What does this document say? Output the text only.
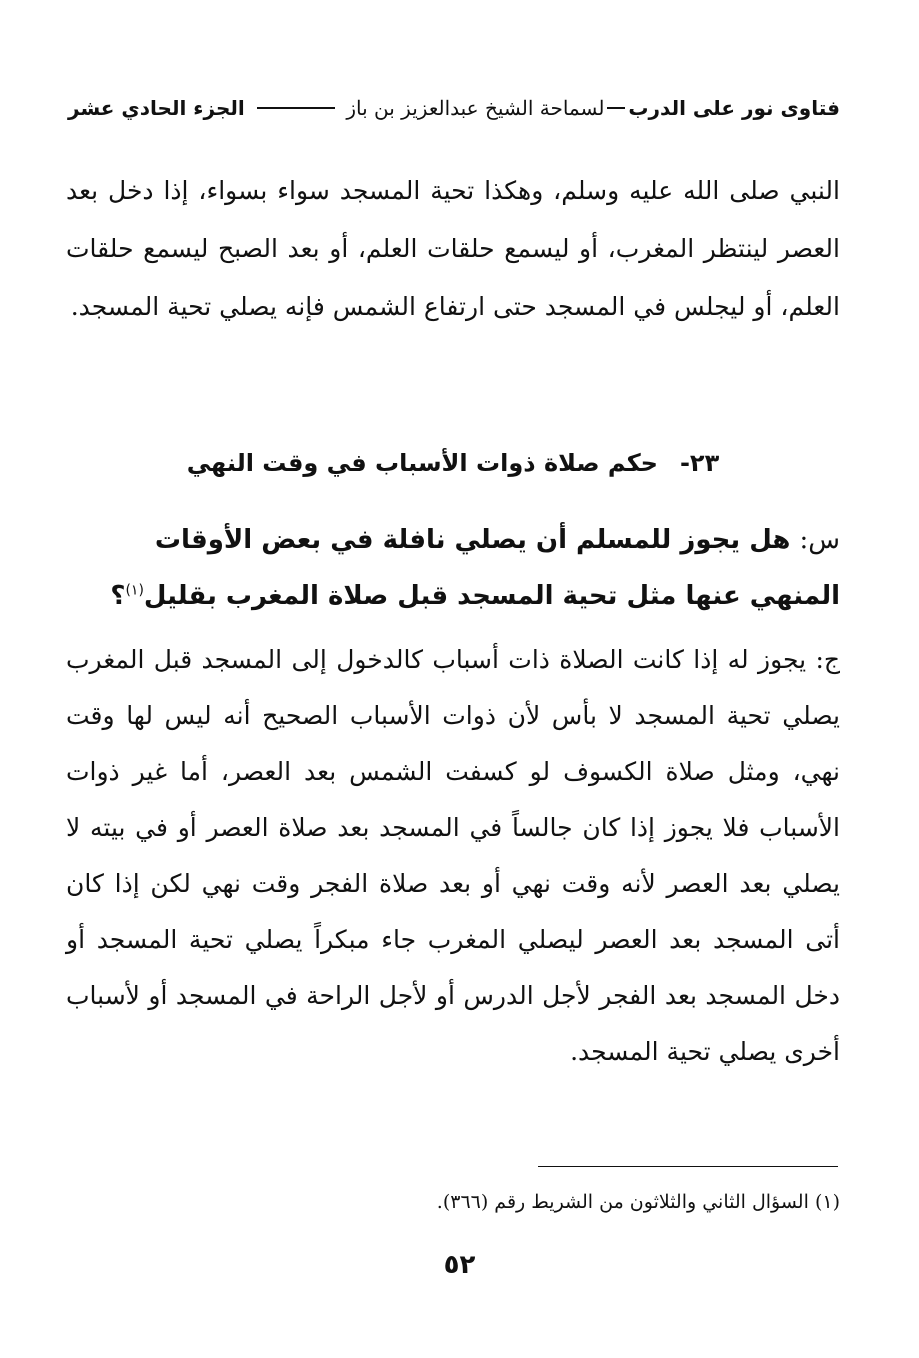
فتاوى نور على الدرب
لسماحة الشيخ عبدالعزيز بن باز
الجزء الحادي عشر

النبي صلى الله عليه وسلم، وهكذا تحية المسجد سواء بسواء، إذا دخل بعد العصر لينتظر المغرب، أو ليسمع حلقات العلم، أو بعد الصبح ليسمع حلقات العلم، أو ليجلس في المسجد حتى ارتفاع الشمس فإنه يصلي تحية المسجد.

٢٣-حكم صلاة ذوات الأسباب في وقت النهي
س: هل يجوز للمسلم أن يصلي نافلة في بعض الأوقات المنهي عنها مثل تحية المسجد قبل صلاة المغرب بقليل$^{(١)}$؟

ج: يجوز له إذا كانت الصلاة ذات أسباب كالدخول إلى المسجد قبل المغرب يصلي تحية المسجد لا بأس لأن ذوات الأسباب الصحيح أنه ليس لها وقت نهي، ومثل صلاة الكسوف لو كسفت الشمس بعد العصر، أما غير ذوات الأسباب فلا يجوز إذا كان جالساً في المسجد بعد صلاة العصر أو في بيته لا يصلي بعد العصر لأنه وقت نهي أو بعد صلاة الفجر وقت نهي لكن إذا كان أتى المسجد بعد العصر ليصلي المغرب جاء مبكراً يصلي تحية المسجد أو دخل المسجد بعد الفجر لأجل الدرس أو لأجل الراحة في المسجد أو لأسباب أخرى يصلي تحية المسجد.

(١) السؤال الثاني والثلاثون من الشريط رقم (٣٦٦).
٥٢
